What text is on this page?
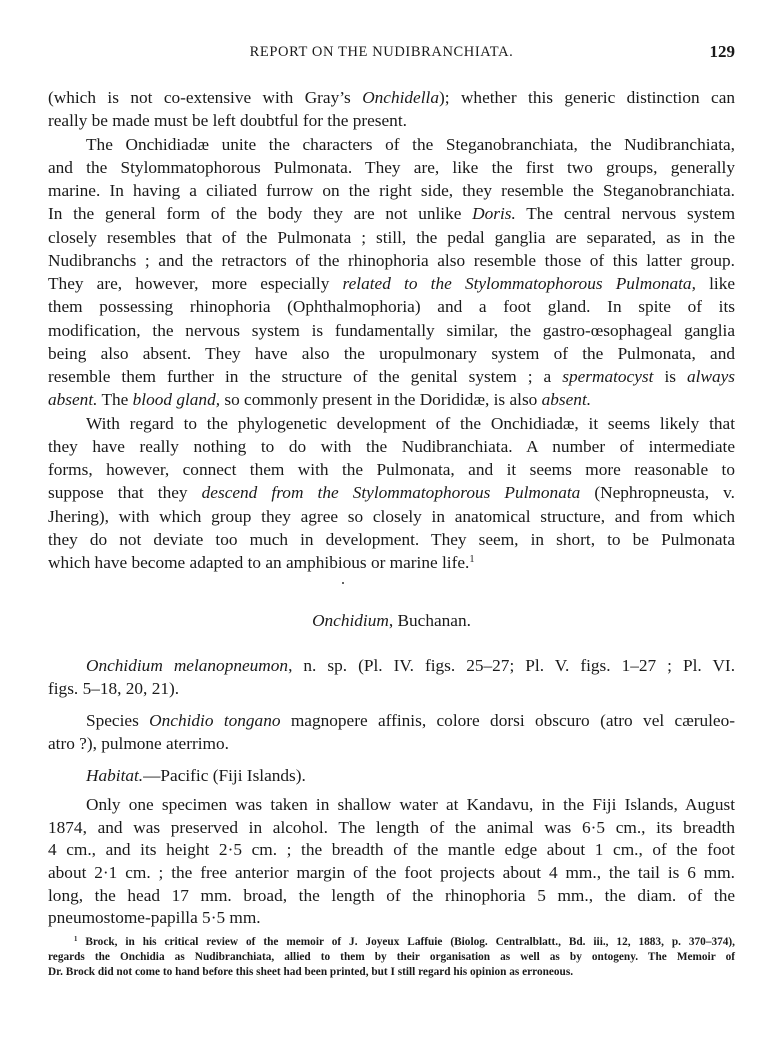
REPORT ON THE NUDIBRANCHIATA.	129
(which is not co-extensive with Gray’s Onchidella); whether this generic distinction can
really be made must be left doubtful for the present.
The Onchidiadæ unite the characters of the Steganobranchiata, the Nudibranchiata,
and the Stylommatophorous Pulmonata. They are, like the first two groups, generally
marine. In having a ciliated furrow on the right side, they resemble the Steganobranchiata.
In the general form of the body they are not unlike Doris. The central nervous system
closely resembles that of the Pulmonata ; still, the pedal ganglia are separated, as in the
Nudibranchs ; and the retractors of the rhinophoria also resemble those of this latter group.
They are, however, more especially related to the Stylommatophorous Pulmonata, like
them possessing rhinophoria (Ophthalmophoria) and a foot gland. In spite of its
modification, the nervous system is fundamentally similar, the gastro-œsophageal ganglia
being also absent. They have also the uropulmonary system of the Pulmonata, and
resemble them further in the structure of the genital system ; a spermatocyst is always
absent. The blood gland, so commonly present in the Dorididæ, is also absent.
With regard to the phylogenetic development of the Onchidiadæ, it seems likely that
they have really nothing to do with the Nudibranchiata. A number of intermediate
forms, however, connect them with the Pulmonata, and it seems more reasonable to
suppose that they descend from the Stylommatophorous Pulmonata (Nephropneusta, v.
Jhering), with which group they agree so closely in anatomical structure, and from which
they do not deviate too much in development. They seem, in short, to be Pulmonata
which have become adapted to an amphibious or marine life.$^1$
Onchidium, Buchanan.
Onchidium melanopneumon, n. sp. (Pl. IV. figs. 25–27; Pl. V. figs. 1–27 ; Pl. VI.
figs. 5–18, 20, 21).
Species Onchidio tongano magnopere affinis, colore dorsi obscuro (atro vel cæruleo-
atro ?), pulmone aterrimo.
Habitat.—Pacific (Fiji Islands).
Only one specimen was taken in shallow water at Kandavu, in the Fiji Islands, August
1874, and was preserved in alcohol. The length of the animal was 6·5 cm., its breadth
4 cm., and its height 2·5 cm. ; the breadth of the mantle edge about 1 cm., of the foot
about 2·1 cm. ; the free anterior margin of the foot projects about 4 mm., the tail is 6 mm.
long, the head 17 mm. broad, the length of the rhinophoria 5 mm., the diam. of the
pneumostome-papilla 5·5 mm.
$^1$ Brock, in his critical review of the memoir of J. Joyeux Laffuie (Biolog. Centralblatt., Bd. iii., 12, 1883, p. 370–374),
regards the Onchidia as Nudibranchiata, allied to them by their organisation as well as by ontogeny. The Memoir of
Dr. Brock did not come to hand before this sheet had been printed, but I still regard his opinion as erroneous.
